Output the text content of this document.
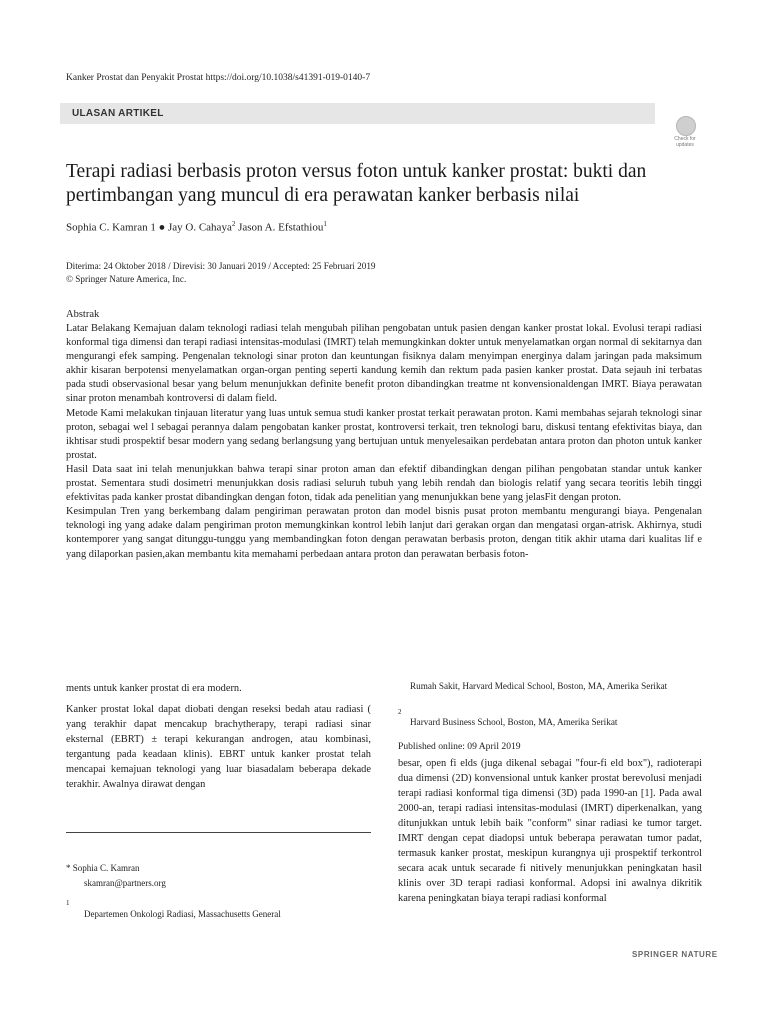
Kanker Prostat dan Penyakit Prostat https://doi.org/10.1038/s41391-019-0140-7
ULASAN ARTIKEL
Check for updates
Terapi radiasi berbasis proton versus foton untuk kanker prostat: bukti dan pertimbangan yang muncul di era perawatan kanker berbasis nilai
Sophia C. Kamran 1 ● Jay O. Cahaya$^2$ Jason A. Efstathiou$^1$
Diterima: 24 Oktober 2018 / Direvisi: 30 Januari 2019 / Accepted: 25 Februari 2019
© Springer Nature America, Inc.
Abstrak

Latar Belakang Kemajuan dalam teknologi radiasi telah mengubah pilihan pengobatan untuk pasien dengan kanker prostat lokal. Evolusi terapi radiasi konformal tiga dimensi dan terapi radiasi intensitas-modulasi (IMRT) telah memungkinkan dokter untuk menyelamatkan organ normal di sekitarnya dan mengurangi efek samping. Pengenalan teknologi sinar proton dan keuntungan fisiknya dalam menyimpan energinya dalam jaringan pada maksimum akhir kisaran berpotensi menyelamatkan organ-organ penting seperti kandung kemih dan rektum pada pasien kanker prostat. Data sejauh ini terbatas pada studi observasional besar yang belum menunjukkan definite benefit proton dibandingkan treatme nt konvensionaldengan IMRT. Biaya perawatan sinar proton menambah kontroversi di dalam field.

Metode Kami melakukan tinjauan literatur yang luas untuk semua studi kanker prostat terkait perawatan proton. Kami membahas sejarah teknologi sinar proton, sebagai wel l sebagai perannya dalam pengobatan kanker prostat, kontroversi terkait, tren teknologi baru, diskusi tentang efektivitas biaya, dan ikhtisar studi prospektif besar modern yang sedang berlangsung yang bertujuan untuk menyelesaikan perdebatan antara proton dan photon untuk kanker prostat.

Hasil Data saat ini telah menunjukkan bahwa terapi sinar proton aman dan efektif dibandingkan dengan pilihan pengobatan standar untuk kanker prostat. Sementara studi dosimetri menunjukkan dosis radiasi seluruh tubuh yang lebih rendah dan biologis relatif yang secara teoritis lebih tinggi efektivitas pada kanker prostat dibandingkan dengan foton, tidak ada penelitian yang menunjukkan bene yang jelasFit dengan proton.

Kesimpulan Tren yang berkembang dalam pengiriman perawatan proton dan model bisnis pusat proton membantu mengurangi biaya. Pengenalan teknologi ing yang adake dalam pengiriman proton memungkinkan kontrol lebih lanjut dari gerakan organ dan mengatasi organ-atrisk. Akhirnya, studi kontemporer yang sangat ditunggu-tunggu yang membandingkan foton dengan perawatan berbasis proton, dengan titik akhir utama dari kualitas lif e yang dilaporkan pasien,akan membantu kita memahami perbedaan antara proton dan perawatan berbasis foton-

ments untuk kanker prostat di era modern.	Rumah Sakit, Harvard Medical School, Boston, MA, Amerika Serikat
2
Harvard Business School, Boston, MA, Amerika Serikat
Published online: 09 April 2019
Kanker prostat lokal dapat diobati dengan reseksi bedah atau radiasi ( yang terakhir dapat mencakup brachytherapy, terapi radiasi sinar eksternal (EBRT) ± terapi kekurangan androgen, atau kombinasi, tergantung pada keadaan klinis). EBRT untuk kanker prostat telah mencapai kemajuan teknologi yang luar biasadalam beberapa dekade terakhir. Awalnya dirawat dengan
besar, open fi elds (juga dikenal sebagai "four-fi eld box"), radioterapi dua dimensi (2D) konvensional untuk kanker prostat berevolusi menjadi terapi radiasi konformal tiga dimensi (3D) pada 1990-an [1]. Pada awal 2000-an, terapi radiasi intensitas-modulasi (IMRT) diperkenalkan, yang ditunjukkan untuk lebih baik "conform" sinar radiasi ke tumor target. IMRT dengan cepat diadopsi untuk beberapa perawatan tumor padat, termasuk kanker prostat, meskipun kurangnya uji prospektif terkontrol secara acak untuk secarade fi nitively menunjukkan peningkatan hasil klinis over 3D terapi radiasi konformal. Adopsi ini awalnya dikritik karena peningkatan biaya terapi radiasi konformal
* Sophia C. Kamran
skamran@partners.org
1
Departemen Onkologi Radiasi, Massachusetts General
SPRINGER NATURE
